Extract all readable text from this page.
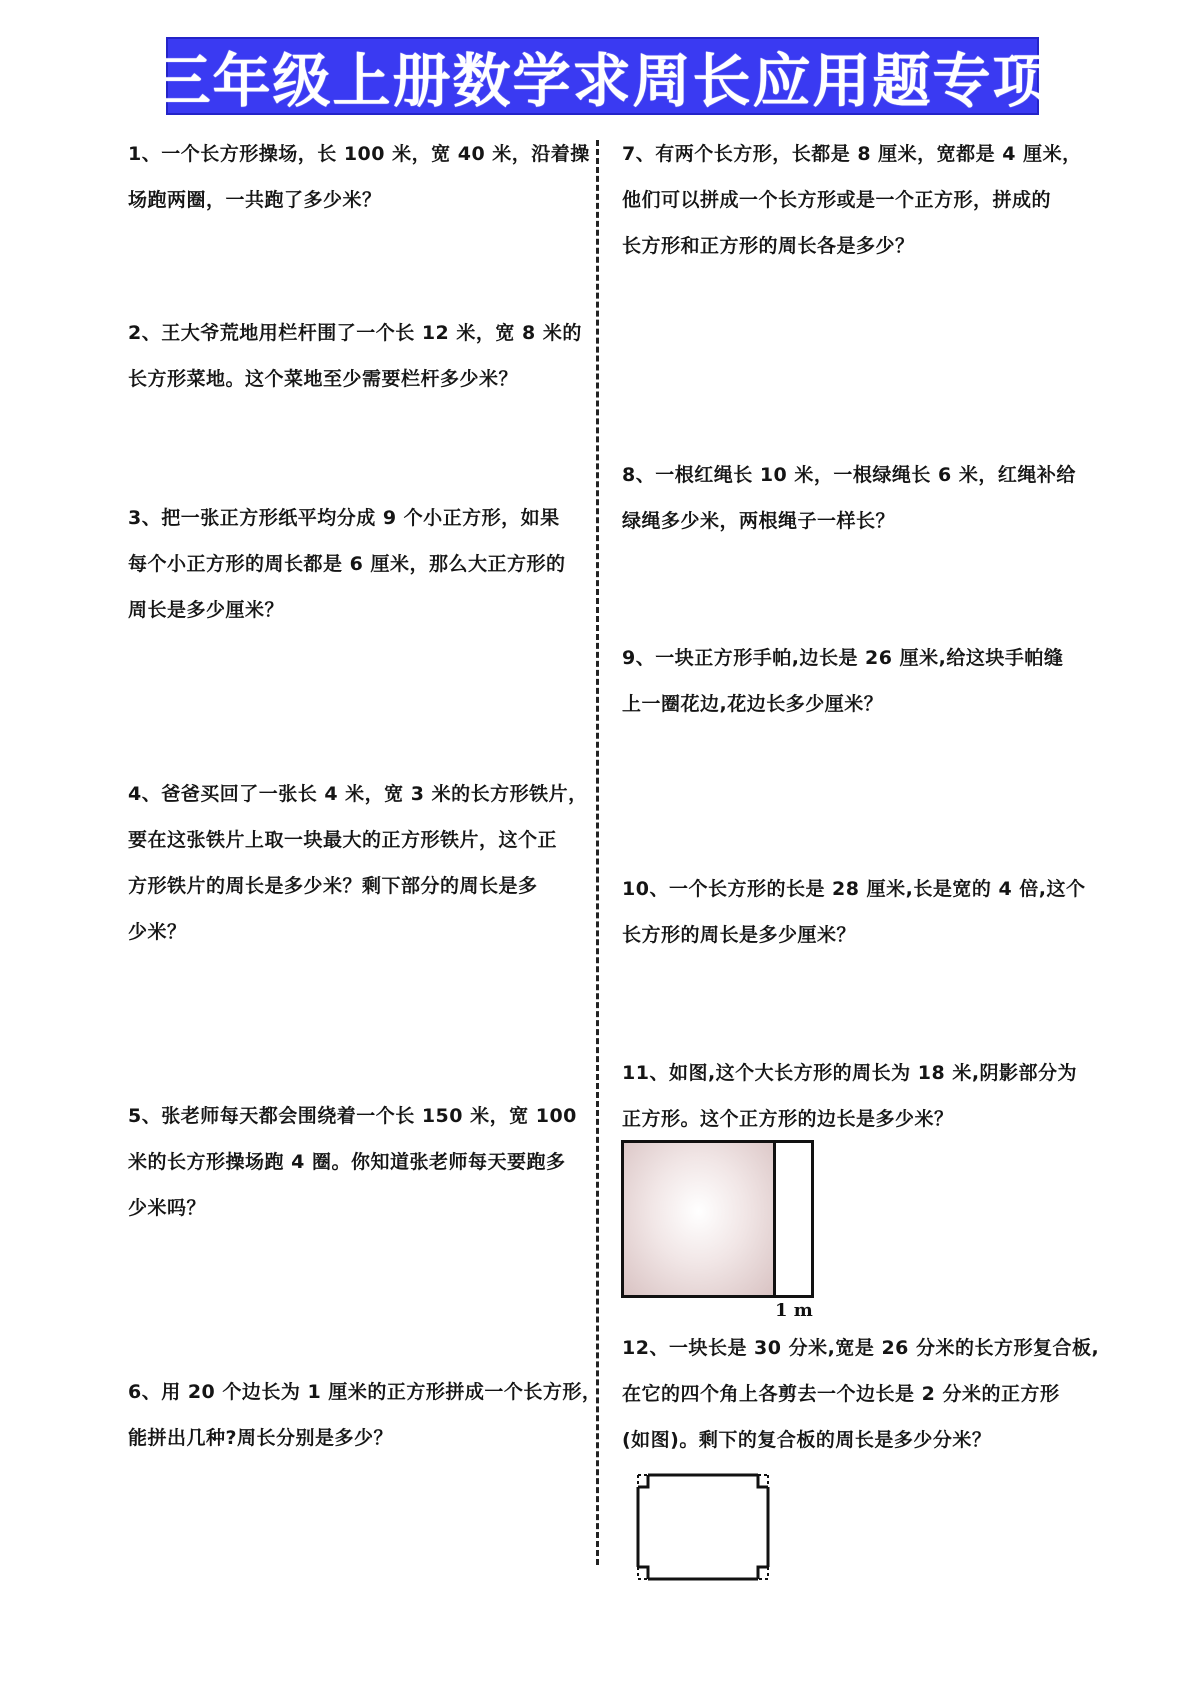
三年级上册数学求周长应用题专项
1、一个长方形操场，长 100 米，宽 40 米，沿着操
场跑两圈，一共跑了多少米？
2、王大爷荒地用栏杆围了一个长 12 米，宽 8 米的
长方形菜地。这个菜地至少需要栏杆多少米？
3、把一张正方形纸平均分成 9 个小正方形，如果
每个小正方形的周长都是 6 厘米，那么大正方形的
周长是多少厘米？
4、爸爸买回了一张长 4 米，宽 3 米的长方形铁片，
要在这张铁片上取一块最大的正方形铁片，这个正
方形铁片的周长是多少米？剩下部分的周长是多
少米？
5、张老师每天都会围绕着一个长 150 米，宽 100
米的长方形操场跑 4 圈。你知道张老师每天要跑多
少米吗？
6、用 20 个边长为 1 厘米的正方形拼成一个长方形，
能拼出几种?周长分别是多少？
7、有两个长方形，长都是 8 厘米，宽都是 4 厘米，
他们可以拼成一个长方形或是一个正方形，拼成的
长方形和正方形的周长各是多少？
8、一根红绳长 10 米，一根绿绳长 6 米，红绳补给
绿绳多少米，两根绳子一样长？
9、一块正方形手帕,边长是 26 厘米,给这块手帕缝
上一圈花边,花边长多少厘米？
10、一个长方形的长是 28 厘米,长是宽的 4 倍,这个
长方形的周长是多少厘米？
11、如图,这个大长方形的周长为 18 米,阴影部分为
正方形。这个正方形的边长是多少米？
1 m
12、一块长是 30 分米,宽是 26 分米的长方形复合板,
在它的四个角上各剪去一个边长是 2 分米的正方形
(如图)。剩下的复合板的周长是多少分米？
